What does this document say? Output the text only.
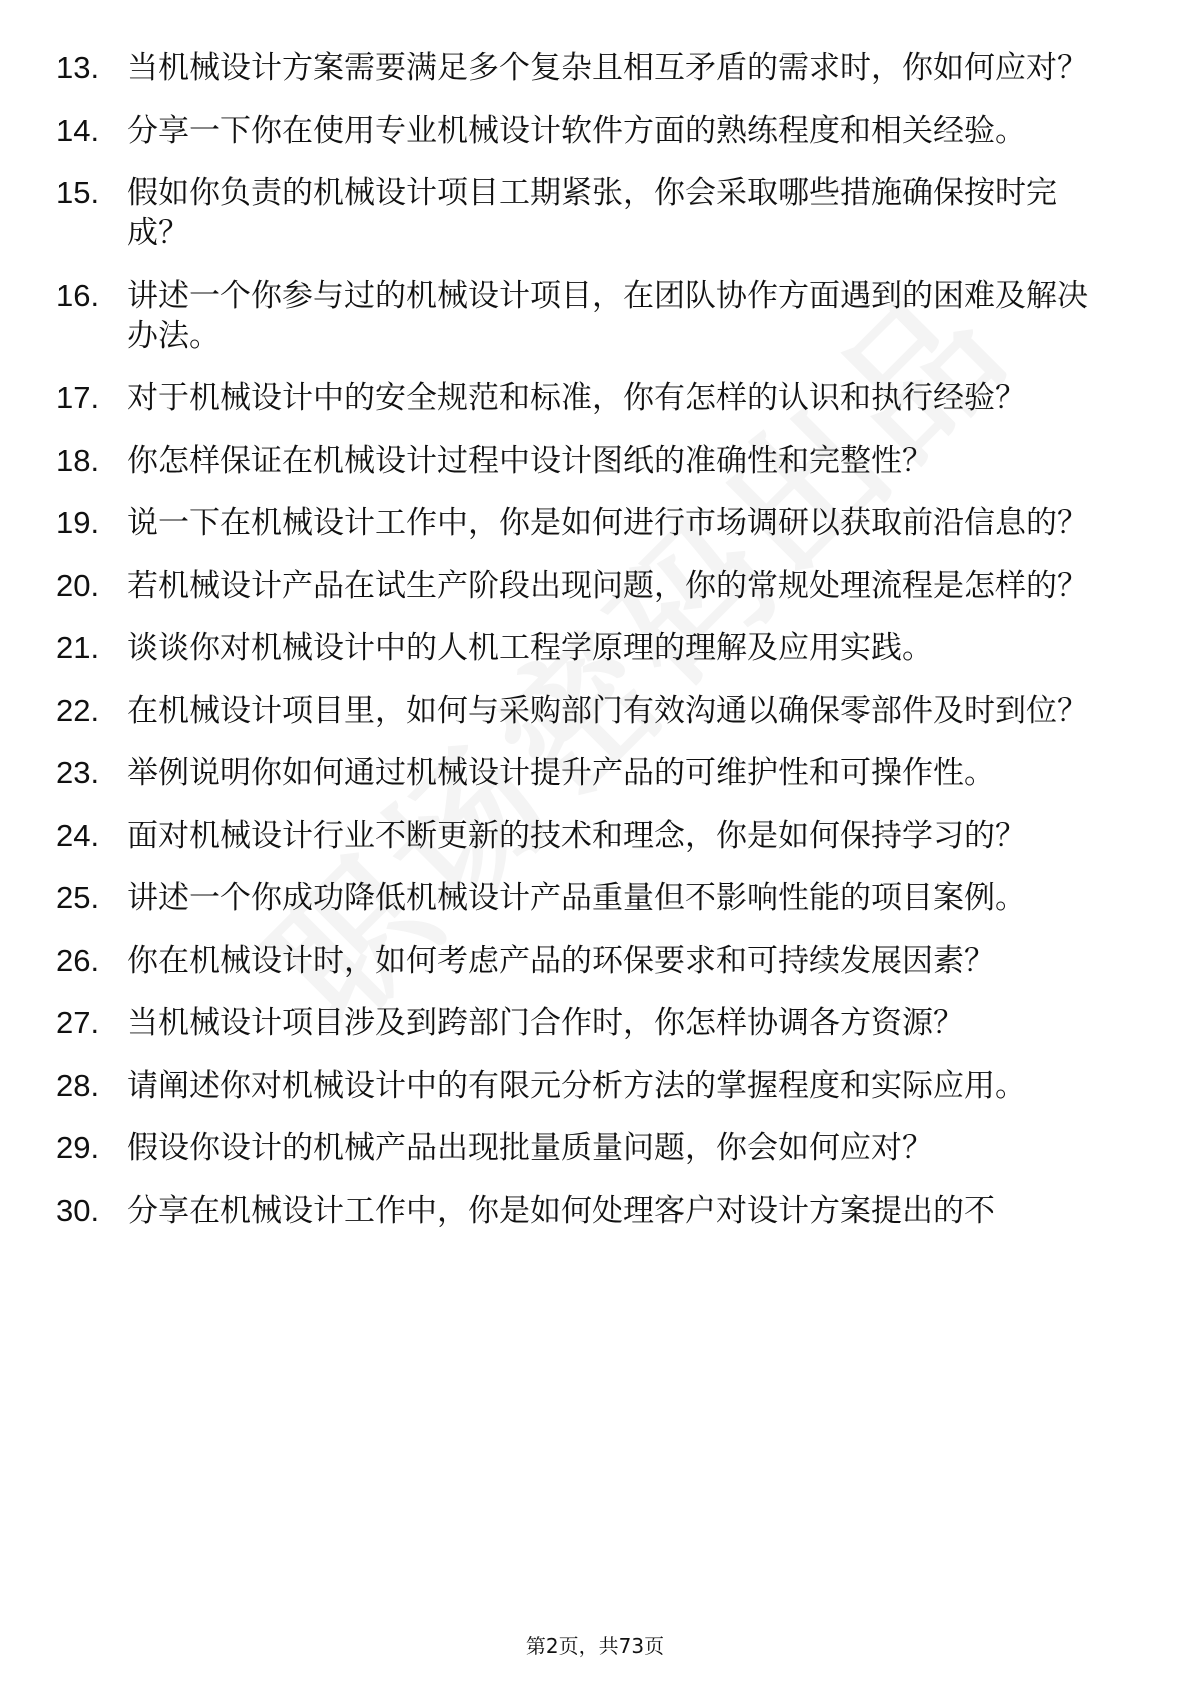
13. 当机械设计方案需要满足多个复杂且相互矛盾的需求时，你如何应对？
14. 分享一下你在使用专业机械设计软件方面的熟练程度和相关经验。
15. 假如你负责的机械设计项目工期紧张，你会采取哪些措施确保按时完成？
16. 讲述一个你参与过的机械设计项目，在团队协作方面遇到的困难及解决办法。
17. 对于机械设计中的安全规范和标准，你有怎样的认识和执行经验？
18. 你怎样保证在机械设计过程中设计图纸的准确性和完整性？
19. 说一下在机械设计工作中，你是如何进行市场调研以获取前沿信息的？
20. 若机械设计产品在试生产阶段出现问题，你的常规处理流程是怎样的？
21. 谈谈你对机械设计中的人机工程学原理的理解及应用实践。
22. 在机械设计项目里，如何与采购部门有效沟通以确保零部件及时到位？
23. 举例说明你如何通过机械设计提升产品的可维护性和可操作性。
24. 面对机械设计行业不断更新的技术和理念，你是如何保持学习的？
25. 讲述一个你成功降低机械设计产品重量但不影响性能的项目案例。
26. 你在机械设计时，如何考虑产品的环保要求和可持续发展因素？
27. 当机械设计项目涉及到跨部门合作时，你怎样协调各方资源？
28. 请阐述你对机械设计中的有限元分析方法的掌握程度和实际应用。
29. 假设你设计的机械产品出现批量质量问题，你会如何应对？
30. 分享在机械设计工作中，你是如何处理客户对设计方案提出的不
第2页，共73页
